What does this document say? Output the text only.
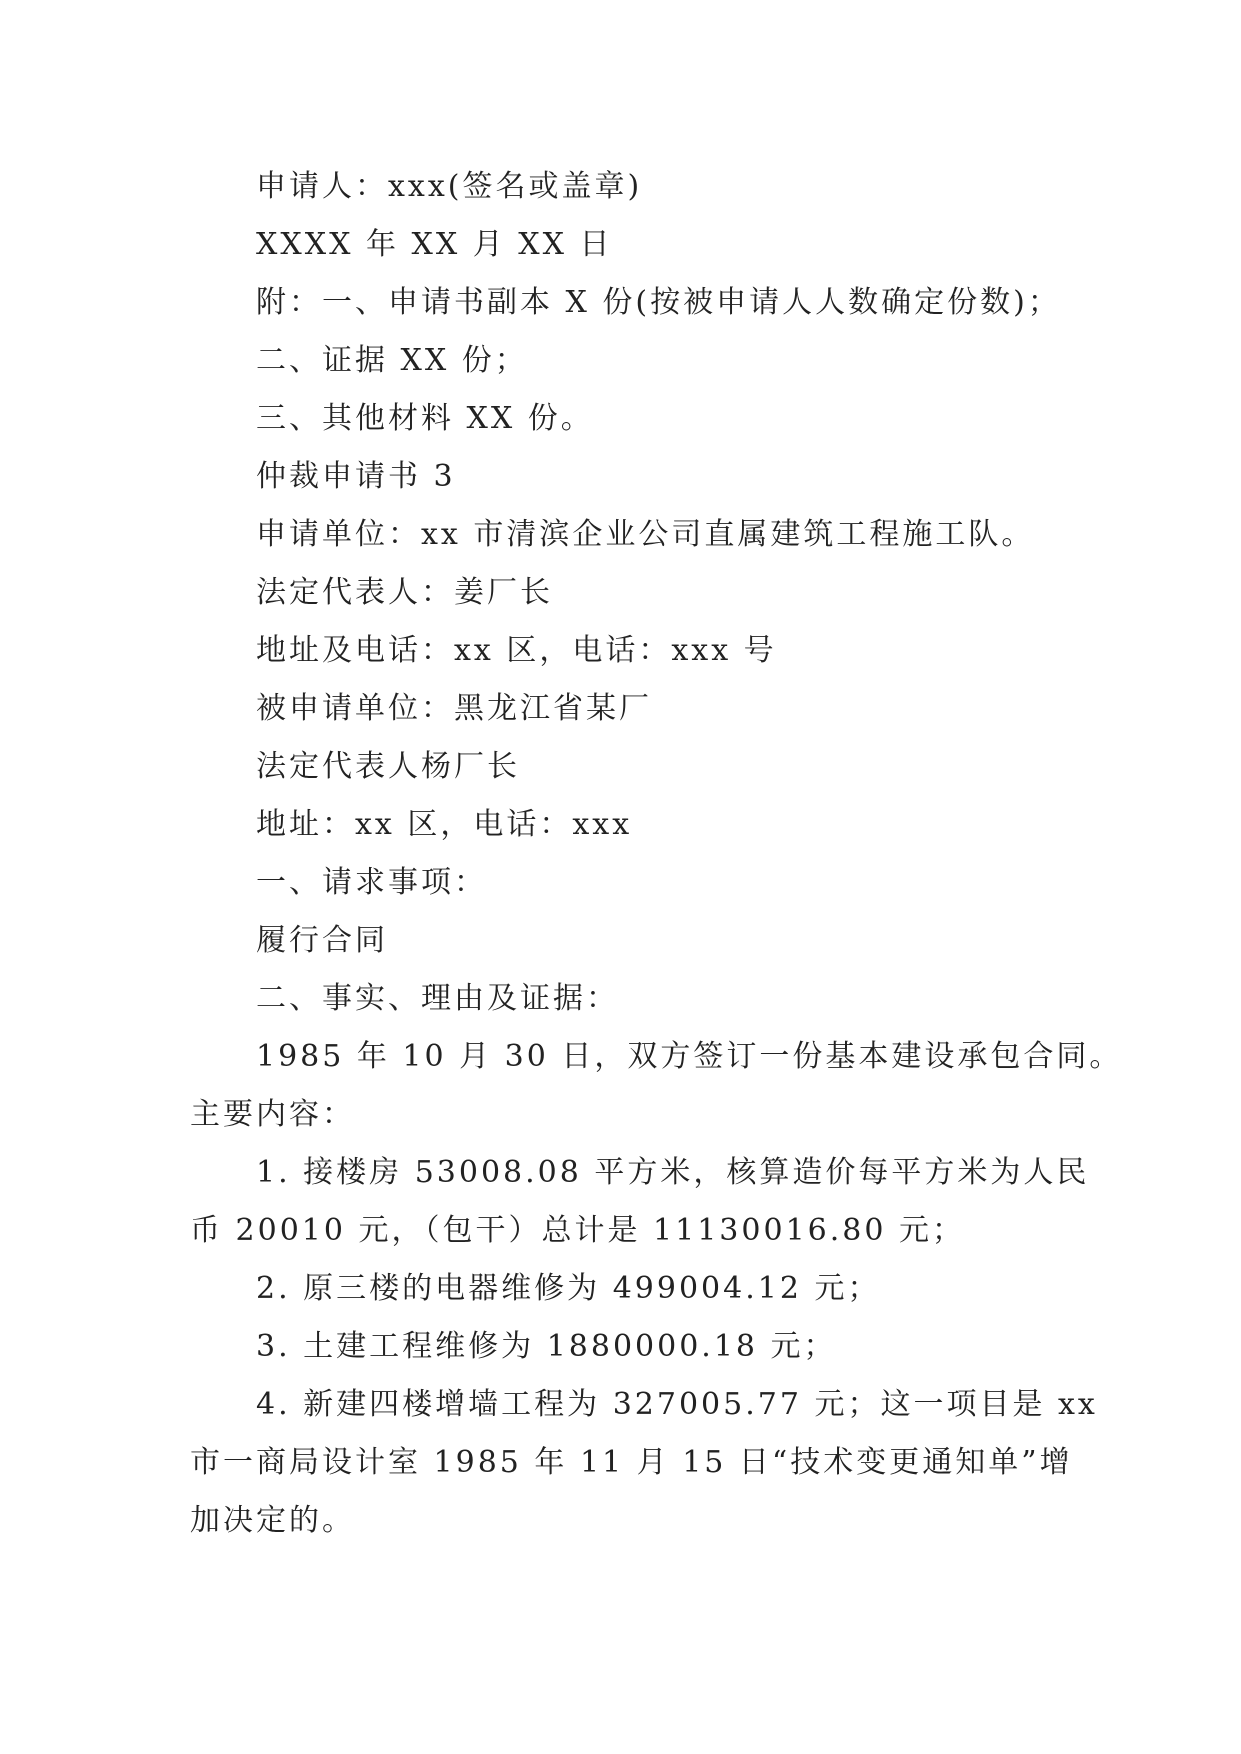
申请人：xxx(签名或盖章)

XXXX 年 XX 月 XX 日

附：一、申请书副本 X 份(按被申请人人数确定份数)；

二、证据 XX 份；

三、其他材料 XX 份。

仲裁申请书 3

申请单位：xx 市清滨企业公司直属建筑工程施工队。

法定代表人：姜厂长

地址及电话：xx 区，电话：xxx 号

被申请单位：黑龙江省某厂

法定代表人杨厂长

地址：xx 区，电话：xxx

一、请求事项：

履行合同

二、事实、理由及证据：

1985 年 10 月 30 日，双方签订一份基本建设承包合同。

主要内容：

1. 接楼房 53008.08 平方米，核算造价每平方米为人民

币 20010 元，（包干）总计是 11130016.80 元；

2. 原三楼的电器维修为 499004.12 元；

3. 土建工程维修为 1880000.18 元；

4. 新建四楼增墙工程为 327005.77 元；这一项目是 xx

市一商局设计室 1985 年 11 月 15 日“技术变更通知单”增

加决定的。
